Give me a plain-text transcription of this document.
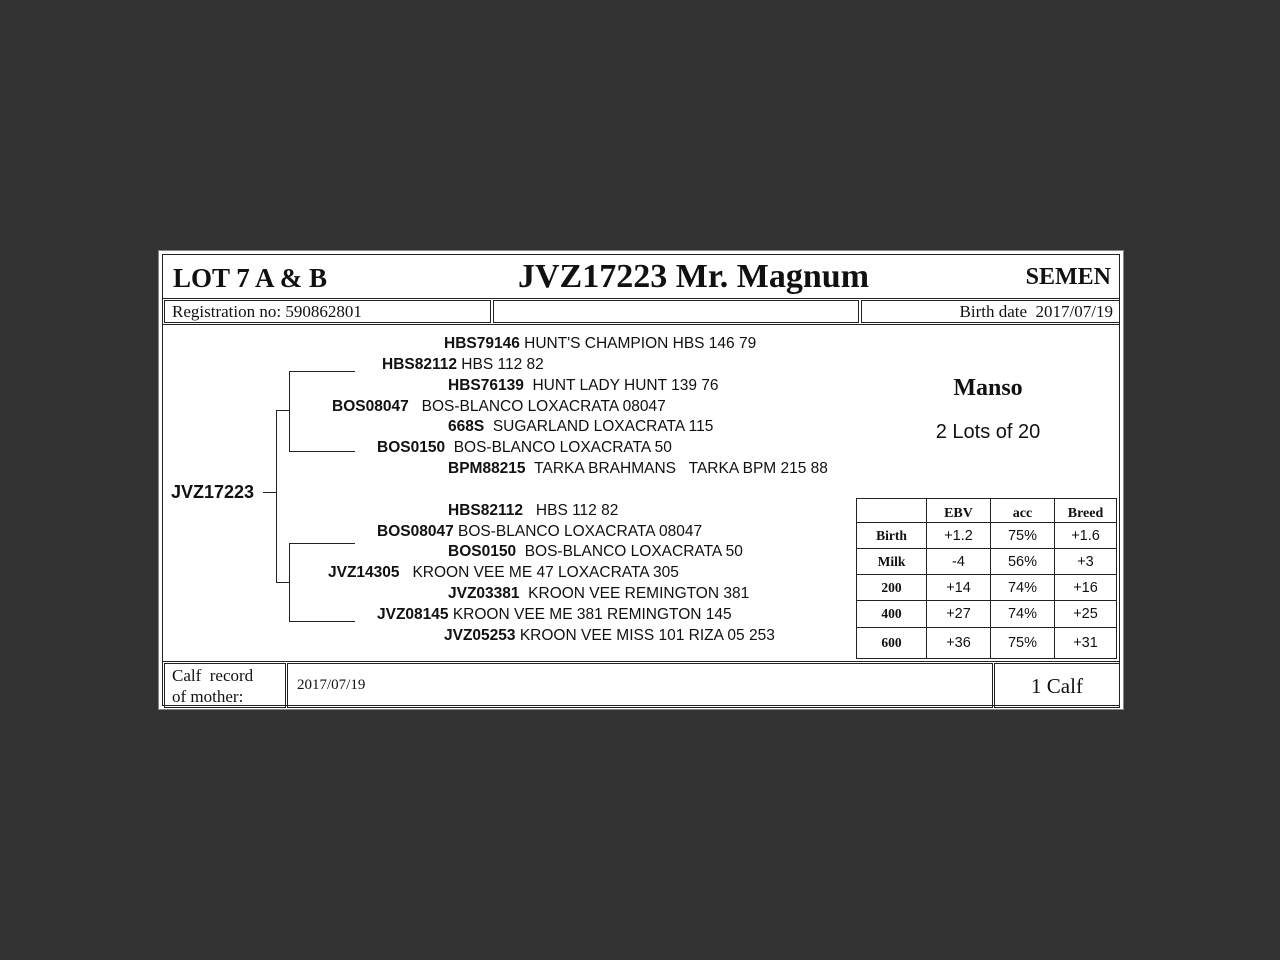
LOT 7 A & B	JVZ17223 Mr. Magnum	SEMEN
Registration no: 590862801	Birth date 2017/07/19
JVZ17223
HBS79146 HUNT'S CHAMPION HBS 146 79
HBS82112 HBS 112 82
HBS76139 HUNT LADY HUNT 139 76
BOS08047 BOS-BLANCO LOXACRATA 08047
668S SUGARLAND LOXACRATA 115
BOS0150 BOS-BLANCO LOXACRATA 50
BPM88215 TARKA BRAHMANS   TARKA BPM 215 88
HBS82112 HBS 112 82
BOS08047 BOS-BLANCO LOXACRATA 08047
BOS0150 BOS-BLANCO LOXACRATA 50
JVZ14305 KROON VEE ME 47 LOXACRATA 305
JVZ03381 KROON VEE REMINGTON 381
JVZ08145 KROON VEE ME 381 REMINGTON 145
JVZ05253 KROON VEE MISS 101 RIZA 05 253
Manso
2 Lots of 20
	EBV	acc	Breed
Birth	+1.2	75%	+1.6
Milk	-4	56%	+3
200	+14	74%	+16
400	+27	74%	+25
600	+36	75%	+31
Calf  record
of mother:
2017/07/19	1 Calf
